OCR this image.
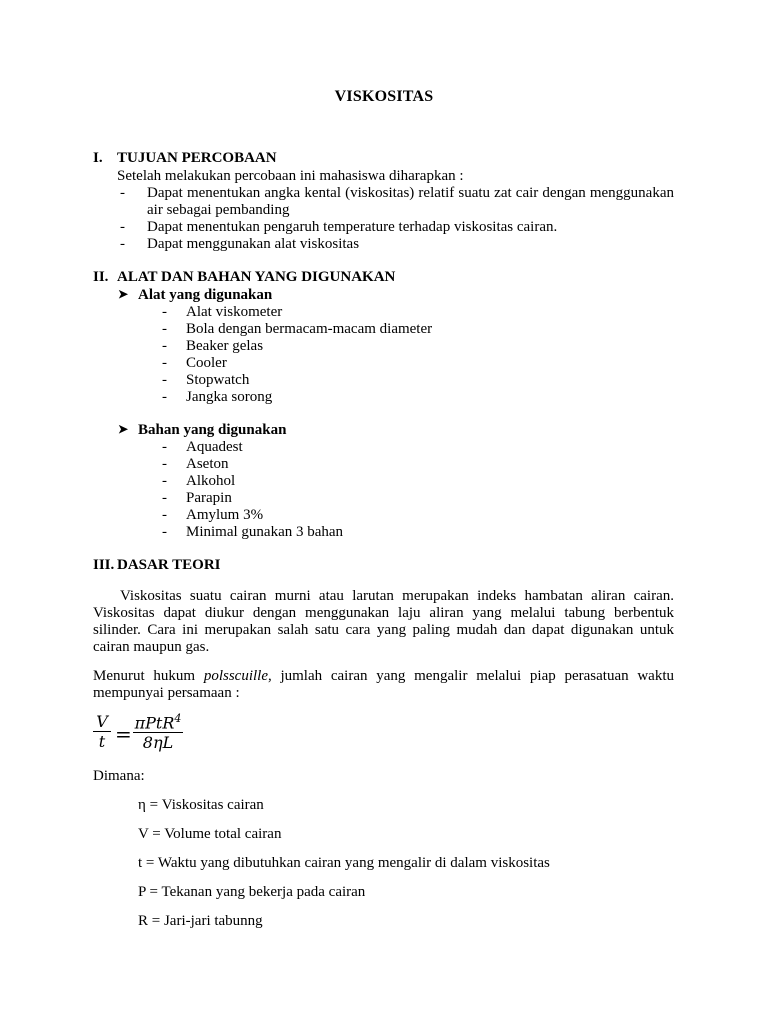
VISKOSITAS
I. TUJUAN PERCOBAAN
Setelah melakukan percobaan ini mahasiswa diharapkan :
- Dapat menentukan angka kental (viskositas) relatif suatu zat cair dengan menggunakan air sebagai pembanding
- Dapat menentukan pengaruh temperature terhadap viskositas cairan.
- Dapat menggunakan alat viskositas
II. ALAT DAN BAHAN YANG DIGUNAKAN
➤ Alat yang digunakan
- Alat viskometer
- Bola dengan bermacam-macam diameter
- Beaker gelas
- Cooler
- Stopwatch
- Jangka sorong
➤ Bahan yang digunakan
- Aquadest
- Aseton
- Alkohol
- Parapin
- Amylum 3%
- Minimal gunakan 3 bahan
III. DASAR TEORI
Viskositas suatu cairan murni atau larutan merupakan indeks hambatan aliran cairan. Viskositas dapat diukur dengan menggunakan laju aliran yang melalui tabung berbentuk silinder. Cara ini merupakan salah satu cara yang paling mudah dan dapat digunakan untuk cairan maupun gas.
Menurut hukum polsscuille, jumlah cairan yang mengalir melalui piap perasatuan waktu mempunyai persamaan :
V
t = πPtR$^4$
8ηL
Dimana:
η = Viskositas cairan
V = Volume total cairan
t = Waktu yang dibutuhkan cairan yang mengalir di dalam viskositas
P = Tekanan yang bekerja pada cairan
R = Jari-jari tabunng
